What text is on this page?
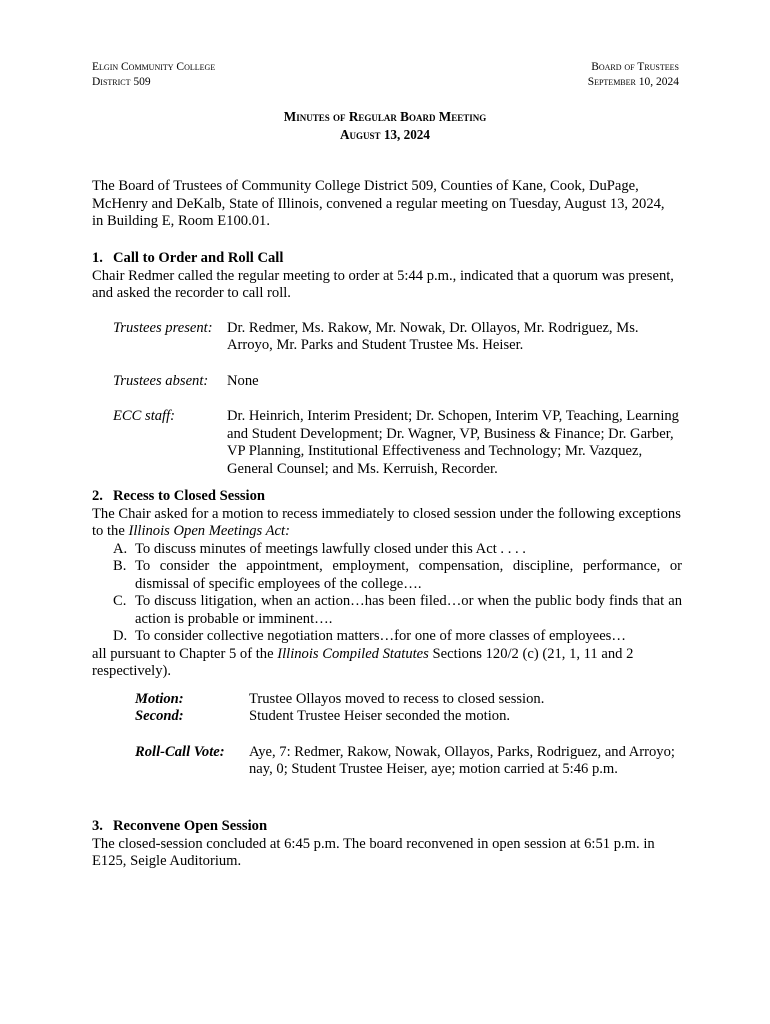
Elgin Community College
District 509
Board of Trustees
September 10, 2024
Minutes of Regular Board Meeting
August 13, 2024

The Board of Trustees of Community College District 509, Counties of Kane, Cook, DuPage, McHenry and DeKalb, State of Illinois, convened a regular meeting on Tuesday, August 13, 2024, in Building E, Room E100.01.

1. Call to Order and Roll Call

Chair Redmer called the regular meeting to order at 5:44 p.m., indicated that a quorum was present, and asked the recorder to call roll.

Trustees present: Dr. Redmer, Ms. Rakow, Mr. Nowak, Dr. Ollayos, Mr. Rodriguez, Ms. Arroyo, Mr. Parks and Student Trustee Ms. Heiser.
Trustees absent:	None
ECC staff:	Dr. Heinrich, Interim President; Dr. Schopen, Interim VP, Teaching, Learning and Student Development; Dr. Wagner, VP, Business & Finance; Dr. Garber, VP Planning, Institutional Effectiveness and Technology; Mr. Vazquez, General Counsel; and Ms. Kerruish, Recorder.
2. Recess to Closed Session

The Chair asked for a motion to recess immediately to closed session under the following exceptions to the Illinois Open Meetings Act:

A. To discuss minutes of meetings lawfully closed under this Act . . . .
B. To consider the appointment, employment, compensation, discipline, performance, or dismissal of specific employees of the college….
C. To discuss litigation, when an action…has been filed…or when the public body finds that an action is probable or imminent….
D. To consider collective negotiation matters…for one of more classes of employees…

all pursuant to Chapter 5 of the Illinois Compiled Statutes Sections 120/2 (c) (21, 1, 11 and 2 respectively).

Motion:	Trustee Ollayos moved to recess to closed session.
Second:	Student Trustee Heiser seconded the motion.
Roll-Call Vote:	Aye, 7: Redmer, Rakow, Nowak, Ollayos, Parks, Rodriguez, and Arroyo; nay, 0; Student Trustee Heiser, aye; motion carried at 5:46 p.m.
3. Reconvene Open Session

The closed-session concluded at 6:45 p.m. The board reconvened in open session at 6:51 p.m. in E125, Seigle Auditorium.
